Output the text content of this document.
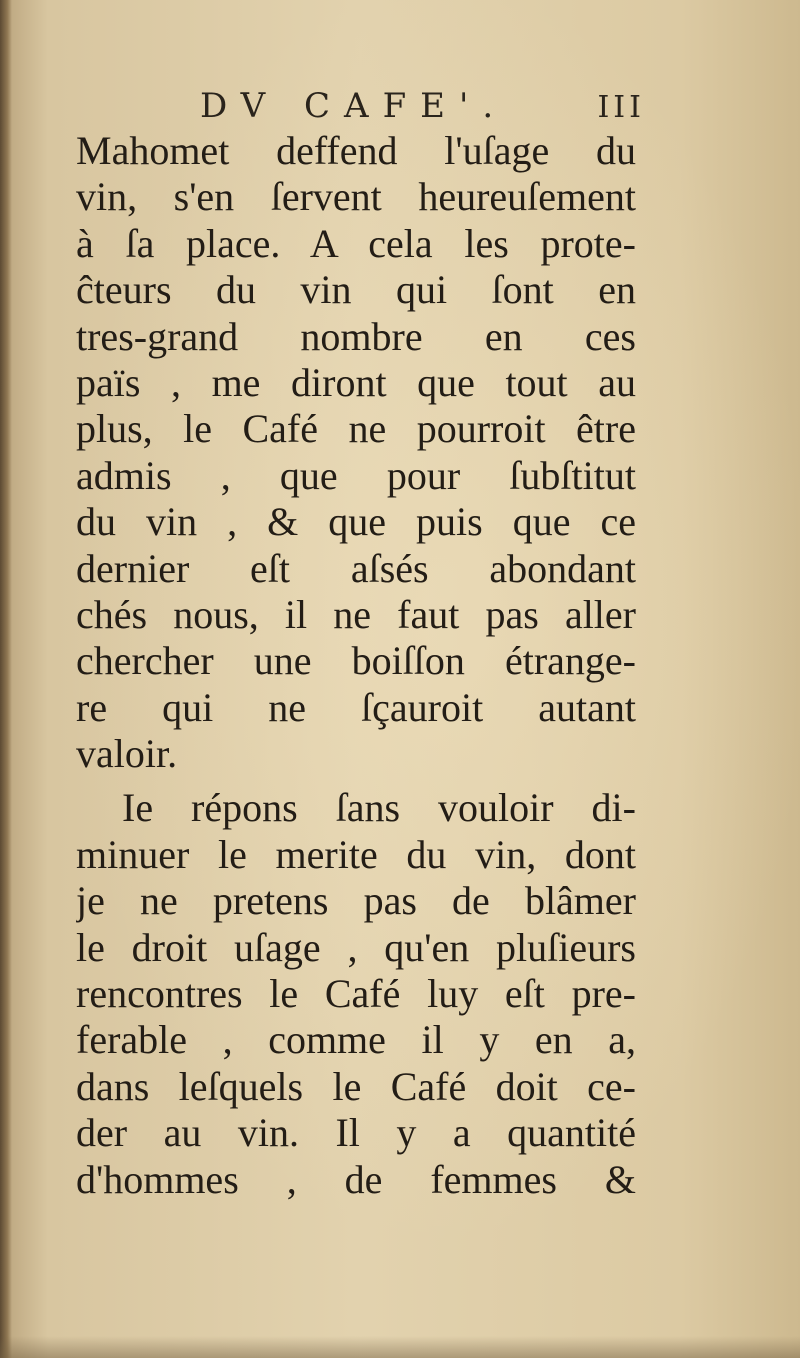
DV CAFE'.	III
Mahomet deffend l'uſage du
vin, s'en ſervent heureuſement
à ſa place. A cela les prote-
ĉteurs du vin qui ſont en
tres-grand nombre en ces
païs , me diront que tout au
plus, le Café ne pourroit être
admis , que pour ſubſtitut
du vin , & que puis que ce
dernier eſt aſsés abondant
chés nous, il ne faut pas aller
chercher une boiſſon étrange-
re qui ne ſçauroit autant
valoir.
Ie répons ſans vouloir di-
minuer le merite du vin, dont
je ne pretens pas de blâmer
le droit uſage , qu'en pluſieurs
rencontres le Café luy eſt pre-
ferable , comme il y en a,
dans leſquels le Café doit ce-
der au vin. Il y a quantité
d'hommes , de femmes &
